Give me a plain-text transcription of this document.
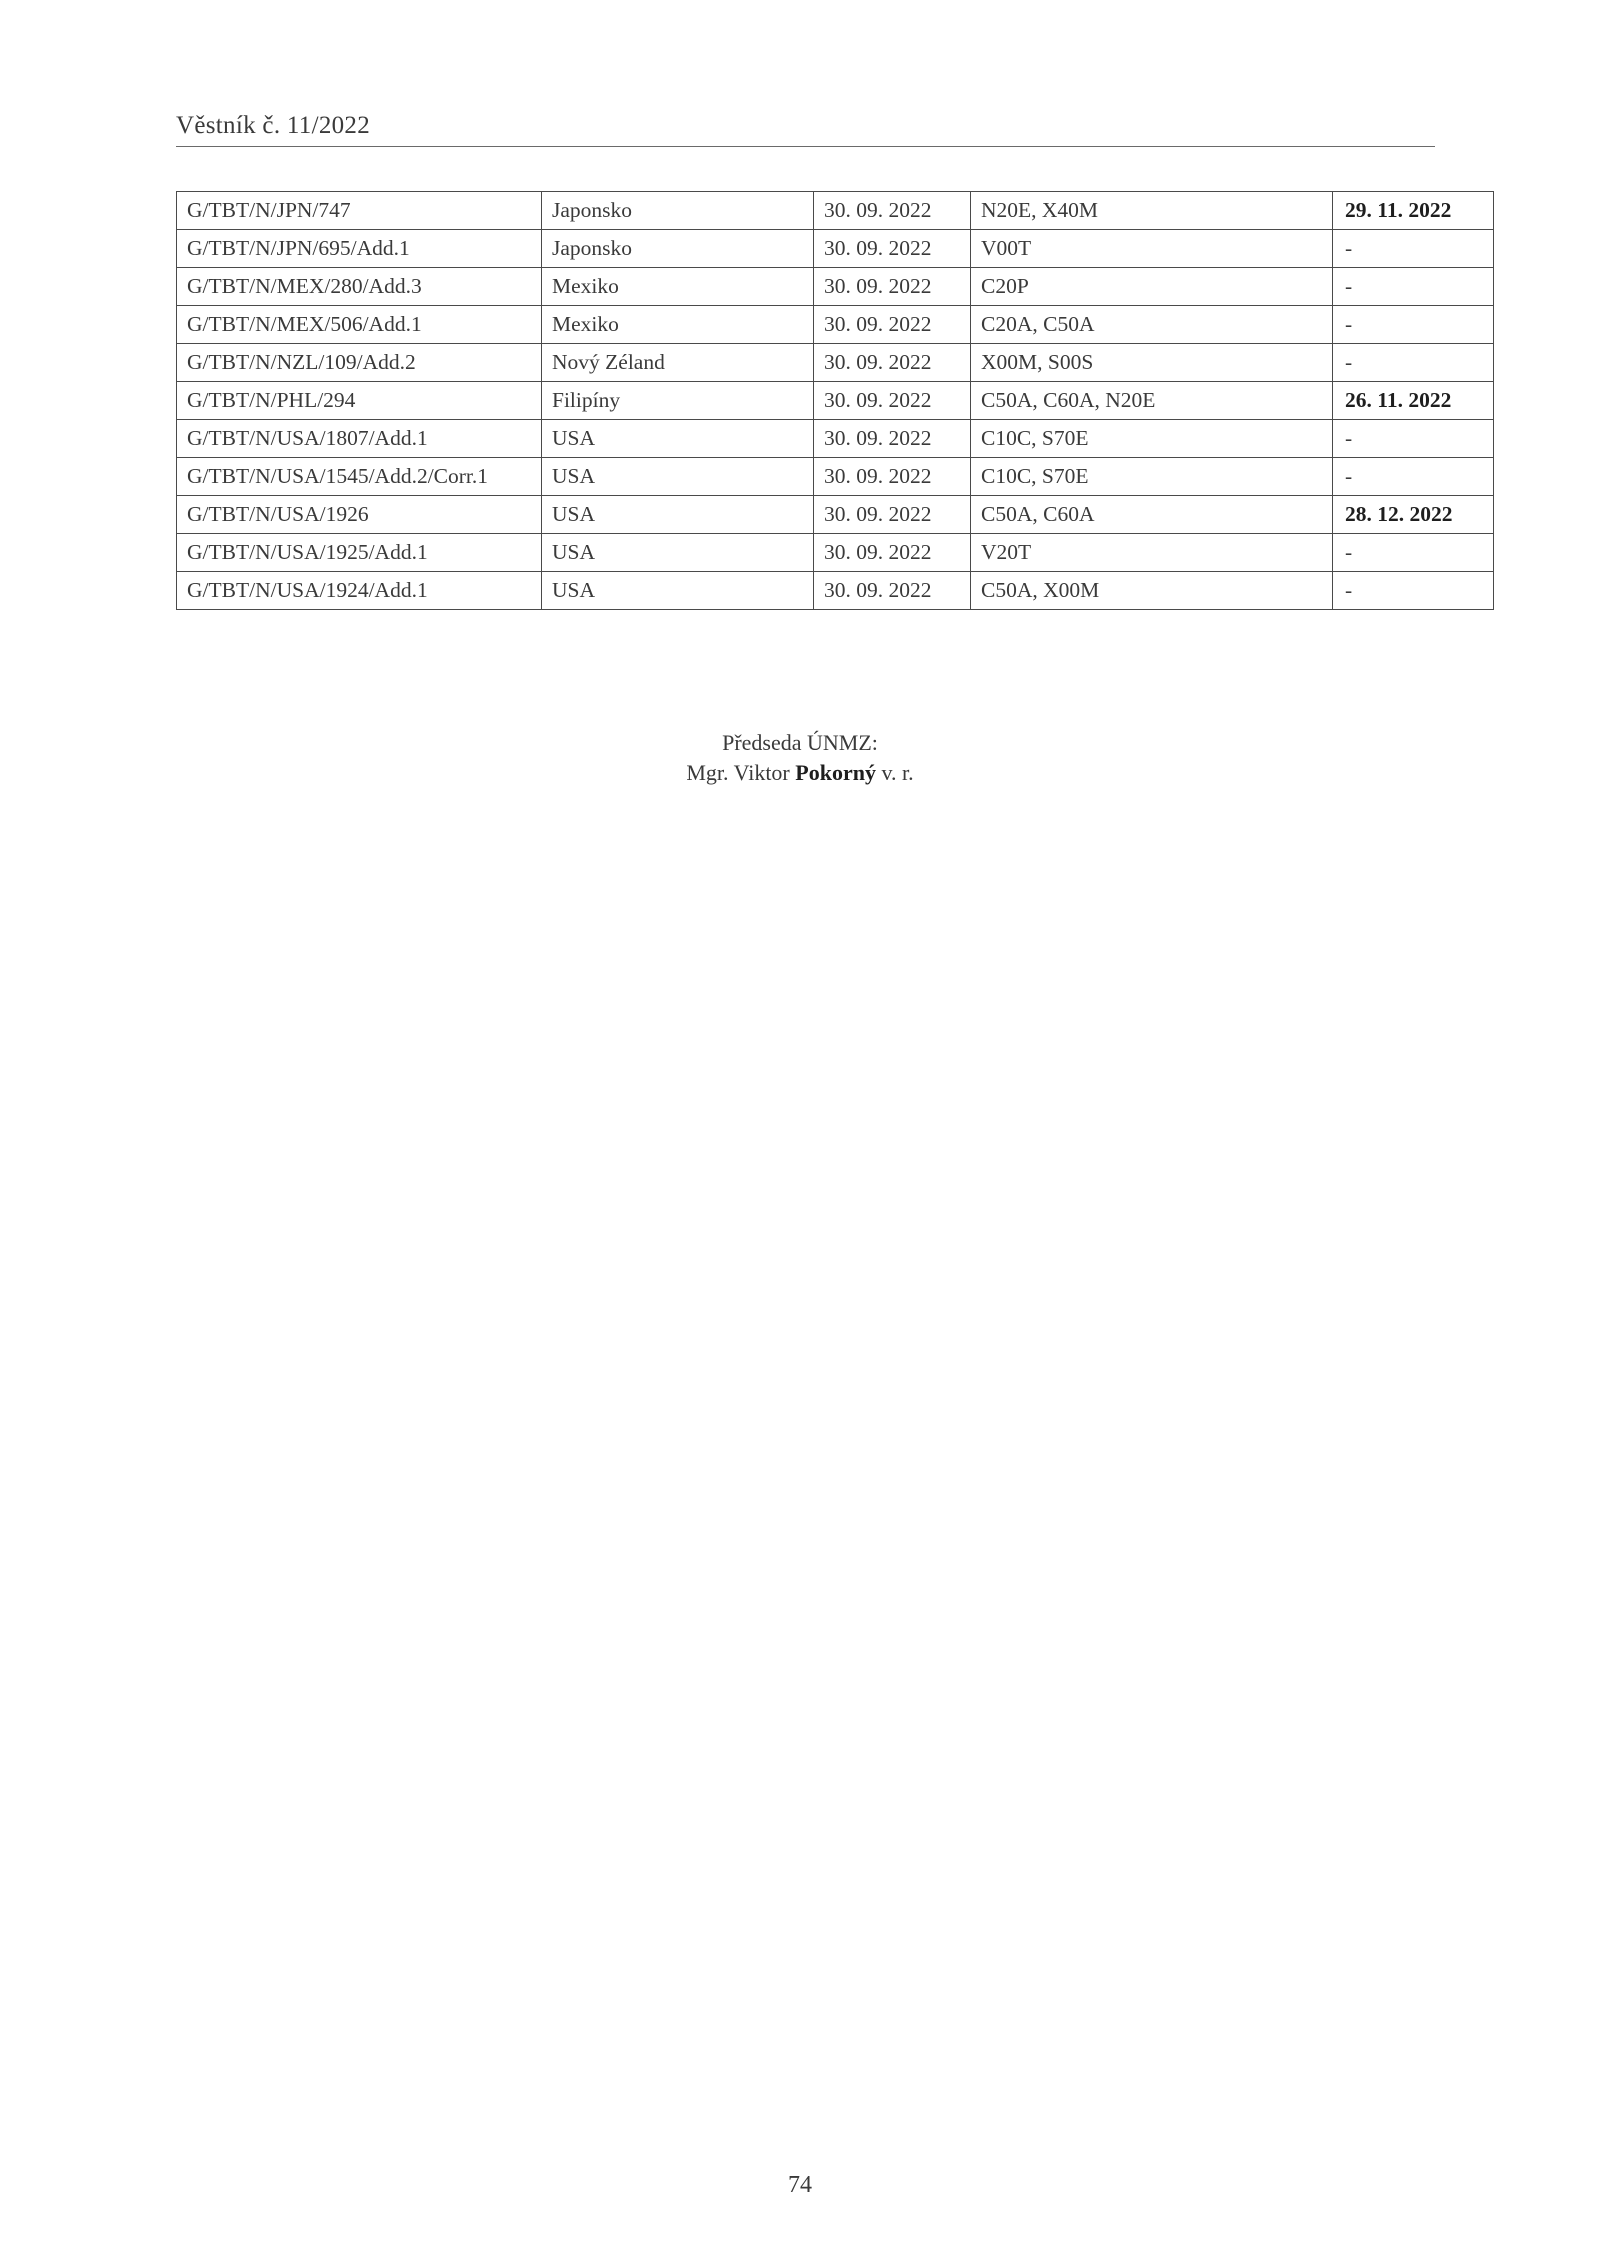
Věstník č. 11/2022
G/TBT/N/JPN/747	Japonsko	30. 09. 2022	N20E, X40M	29. 11. 2022
G/TBT/N/JPN/695/Add.1	Japonsko	30. 09. 2022	V00T	-
G/TBT/N/MEX/280/Add.3	Mexiko	30. 09. 2022	C20P	-
G/TBT/N/MEX/506/Add.1	Mexiko	30. 09. 2022	C20A, C50A	-
G/TBT/N/NZL/109/Add.2	Nový Zéland	30. 09. 2022	X00M, S00S	-
G/TBT/N/PHL/294	Filipíny	30. 09. 2022	C50A, C60A, N20E	26. 11. 2022
G/TBT/N/USA/1807/Add.1	USA	30. 09. 2022	C10C, S70E	-
G/TBT/N/USA/1545/Add.2/Corr.1	USA	30. 09. 2022	C10C, S70E	-
G/TBT/N/USA/1926	USA	30. 09. 2022	C50A, C60A	28. 12. 2022
G/TBT/N/USA/1925/Add.1	USA	30. 09. 2022	V20T	-
G/TBT/N/USA/1924/Add.1	USA	30. 09. 2022	C50A, X00M	-
Předseda ÚNMZ:
Mgr. Viktor Pokorný v. r.
74
